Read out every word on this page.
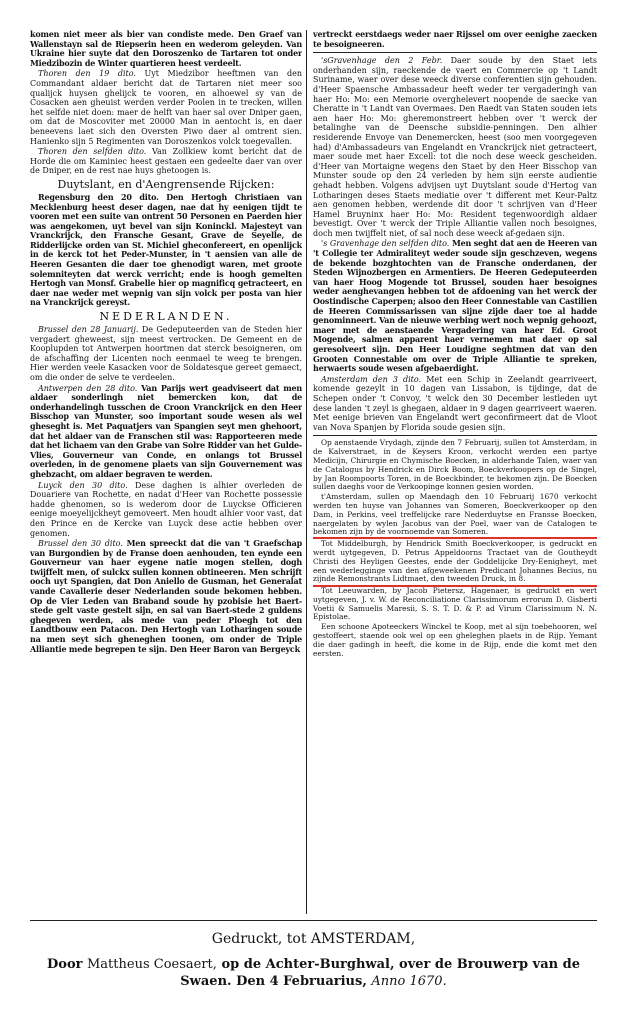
komen niet meer als bier van condiste mede. Den Graef van Wallenstayn sal de Riepserin heen en wederom geleyden. Van Ukraine hier suyte dat den Doroszenko de Tartaren tot onder Miedzibozin de Winter quartieren heest verdeelt.

Thoren den 19 dito. Uyt Miedzibor heeftmen van den Commandant aldaer bericht dat de Tartaren niet meer soo qualijck huysen ghelijck te vooren, en alhoewel sy van de Cosacken aen gheuist werden verder Poolen in te trecken, willen het selfde niet doen: maer de helft van haer sal over Dniper gaen, om dat de Moscoviter met 20000 Man in aentocht is, en daer beneevens laet sich den Oversten Piwo daer al omtrent sien. Hanienko sijn 5 Regimenten van Doroszenkos volck toegevallen.

Thoren den selfden dito. Van Zollkiew komt bericht dat de Horde die om Kaminiec heest gestaen een gedeelte daer van over de Dniper, en de rest nae huys ghetoogen is.

Duytslant, en d'Aengrensende Rijcken:

Regensburg den 20 dito. Den Hertogh Christiaen van Mecklenburg heest deser dagen, nae dat hy eenigen tijdt te vooren met een suite van ontrent 50 Personen en Paerden hier was aengekomen, uyt bevel van sijn Koninckl. Majesteyt van Vranckrijck, den Fransche Gesant, Grave de Seyelle, de Ridderlijcke orden van St. Michiel gheconfereert, en openlijck in de kerck tot het Peder-Munster, in 't aensien van alle de Heeren Gesanten die daer toe ghenodigt waren, met groote solemniteyten dat werck verricht; ende is hoogh gemelten Hertogh van Monsf. Grabelle hier op magnificq getracteert, en daer nae weder met wepnig van sijn volck per posta van hier na Vranckrijck gereyst.

NEDERLANDEN.

Brussel den 28 Januarij. De Gedeputeerden van de Steden hier vergadert gheweest, sijn meest vertrocken. De Gemeent en de Kooplupden tot Antwerpen hoortmen dat sterck besoigneren, om de afschaffing der Licenten noch eenmael te weeg te brengen. Hier werden veele Kasacken voor de Soldatesque gereet gemaect, om die onder de selve te verdeelen.

Antwerpen den 28 dito. Van Parijs wert geadviseert dat men aldaer sonderlingh niet bemercken kon, dat de onderhandelingh tusschen de Croon Vranckrijck en den Heer Bisschop van Munster, soo important soude wesen als wel gheseght is. Met Paquatjers van Spangien seyt men ghehoort, dat het aldaer van de Franschen stil was: Rapporteeren mede dat het lichaem van den Grabe van Solre Ridder van het Gulde-Vlies, Gouverneur van Conde, en onlangs tot Brussel overleden, in de genomene plaets van sijn Gouvernement was ghebzacht, om aldaer begraven te werden.

Luyck den 30 dito. Dese daghen is alhier overleden de Douariere van Rochette, en nadat d'Heer van Rochette possessie hadde ghenomen, so is wederom door de Luyckse Officieren eenige moeyelijckheyt gemoveert. Men houdt alhier voor vast, dat den Prince en de Kercke van Luyck dese actie hebben over genomen.

Brussel den 30 dito. Men spreeckt dat die van 't Graefschap van Burgondien by de Franse doen aenhouden, ten eynde een Gouverneur van haer eygene natie mogen stellen, dogh twijffelt men, of sulckx sullen konnen obtineeren. Men schrijft ooch uyt Spangien, dat Don Aniello de Gusman, het Generalat vande Cavallerie deser Nederlanden soude bekomen hebben. Op de Vier Leden van Braband soude hy pzobisie het Baert-stede gelt vaste gestelt sijn, en sal van Baert-stede 2 guldens ghegeven werden, als mede van peder Ploegh tot den Landtbouw een Patacon. Den Hertogh van Lotharingen soude na men seyt sich gheneghen toonen, om onder de Triple Alliantie mede begrepen te sijn. Den Heer Baron van Bergeyck

vertreckt eerstdaegs weder naer Rijssel om over eenighe zaecken te besoigneeren.

'sGravenhage den 2 Febr. Daer soude by den Staet iets onderhanden sijn, raeckende de vaert en Commercie op 't Landt Suriname, waer over dese weeck diverse conferentien sijn gehouden. d'Heer Spaensche Ambassadeur heeft weder ter vergaderingh van haer Ho: Mo: een Memorie overghelevert noopende de saecke van Cheratte in 't Landt van Overmaes. Den Raedt van Staten souden iets aen haer Ho: Mo: gheremonstreert hebben over 't werck der betalinghe van de Deensche subsidie-penningen. Den alhier residerende Envoye van Denemercken, heest (soo men voorgegeven had) d'Ambassadeurs van Engelandt en Vranckrijck niet getracteert, maer soude met haer Excell: tot die noch dese weeck gescheiden. d'Heer van Mortaigne wegens den Staet by den Heer Bisschop van Munster soude op den 24 verleden by hem sijn eerste audientie gehadt hebben. Volgens advijsen uyt Duytslant soude d'Hertog van Lotharingen deses Staets mediatie over 't different met Keur-Paltz aen genomen hebben, werdende dit door 't schrijven van d'Heer Hamel Bruyninx haer Ho: Mo: Resident tegenwoordigh aldaer bevestigt. Over 't werck der Triple Alliantie vallen noch besoignes, doch men twijffelt niet, of sal noch dese weeck af-gedaen sijn.

's Gravenhage den selfden dito. Men seght dat aen de Heeren van 't Collegie ter Admiraliteyt weder soude sijn geschzeven, wegens de bekende bozghtochten van de Fransche onderdanen, der Steden Wijnozbergen en Armentiers. De Heeren Gedeputeerden van haer Hoog Mogende tot Brussel, souden haer besoignes weder aenghevangen hebben tot de afdoening van het werck der Oostindische Caperpen; alsoo den Heer Connestable van Castilien de Heeren Commissarissen van sijne zijde daer toe al hadde genominneert. Van de nieuwe werbing wert noch wepnig gehoozt, maer met de aenstaende Vergadering van haer Ed. Groot Mogende, salmen apparent haer vernemen mat daer op sal geresolveert sijn. Den Heer Loudigne seghtmen dat van den Grooten Connestable om over de Triple Alliantie te spreken, herwaerts soude wesen afgebaerdight.

Amsterdam den 3 dito. Met een Schip in Zeelandt gearriveert, komende gezeylt in 10 dagen van Lissabon, is tijdinge, dat de Schepen onder 't Convoy, 't welck den 30 December lestleden uyt dese landen 't zeyl is ghegaen, aldaer in 9 dagen gearriveert waeren. Met eenige brieven van Engelandt wert geconfirmeert dat de Vloot van Nova Spanjen by Florida soude gesien sijn.

Op aenstaende Vrydagh, zijnde den 7 Februarij, sullen tot Amsterdam, in de Kalverstraet, in de Keysers Kroon, verkocht werden een partye Medicijn, Chirurgie en Chymische Boecken, in alderhande Talen, waer van de Catalogus by Hendrick en Dirck Boom, Boeckverkoopers op de Singel, by Jan Roompoorts Toren, in de Boeckbinder, te bekomen zijn. De Boecken sullen daeghs voor de Verkoopinge konnen gesien worden.

t'Amsterdam, sullen op Maendagh den 10 Februarij 1670 verkocht werden ten huyse van Johannes van Someren, Boeckverkooper op den Dam, in Perkins, veel treffelijcke rare Nederduytse en Fransse Boecken, naergelaten by wylen Jacobus van der Poel, waer van de Catalogen te bekomen zijn by de voornoemde van Someren.

Tot Middelburgh, by Hendrick Smith Boeckverkooper, is gedruckt en werdt uytgegeven, D. Petrus Appeldoorns Tractaet van de Goutheydt Christi des Heyligen Geestes, ende der Goddelijcke Dry-Eenigheyt, met een wederlegginge van den afgeweekenen Predicant Johannes Becius, nu zijnde Remonstrants Lidtmaet, den tweeden Druck, in 8.

Tot Leeuwarden, by Jacob Pietersz, Hagenaer, is gedruckt en wert uytgegeven, J. v. W. de Reconciliatione Clarissimorum errorum D. Gisberti Voetii & Samuelis Maresii, S. S. T. D. & P. ad Virum Clarissimum N. N. Epistolae.

Een schoone Apoteeckers Winckel te Koop, met al sijn toebehooren, wel gestoffeert, staende ook wel op een gheleghen plaets in de Rijp. Yemant die daer gadingh in heeft, die kome in de Rijp, ende die komt met den eersten.

Gedruckt, tot AMSTERDAM,
Door Mattheus Coesaert, op de Achter-Burghwal, over de Brouwerp van de Swaen. Den 4 Februarius, Anno 1670.
